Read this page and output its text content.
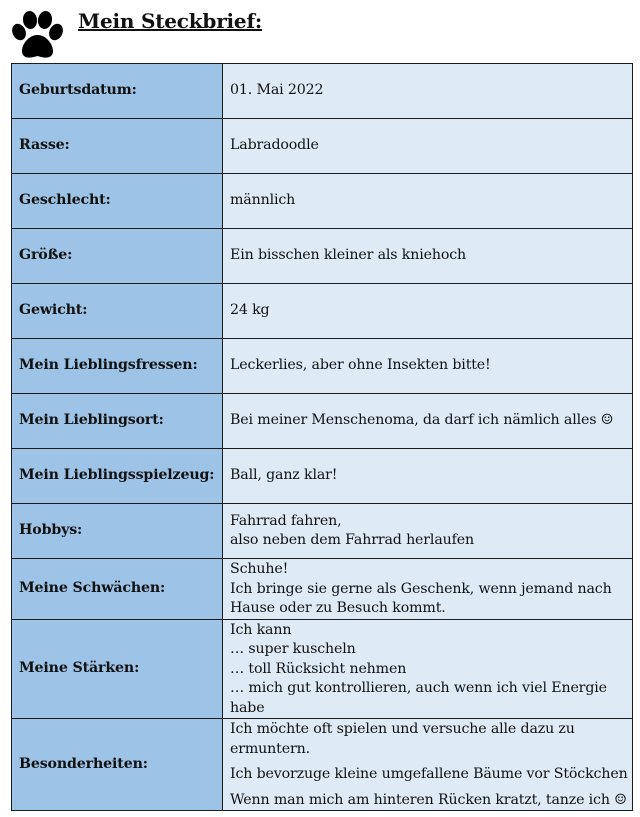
Mein Steckbrief:
Geburtsdatum:	01. Mai 2022

Rasse:	Labradoodle

Geschlecht:	männlich

Größe:	Ein bisschen kleiner als kniehoch

Gewicht:	24 kg

Mein Lieblingsfressen:	Leckerlies, aber ohne Insekten bitte!

Mein Lieblingsort:	Bei meiner Menschenoma, da darf ich nämlich alles ☺

Mein Lieblingsspielzeug:	Ball, ganz klar!

Hobbys:	Fahrrad fahren,
also neben dem Fahrrad herlaufen

Meine Schwächen:	Schuhe!
Ich bringe sie gerne als Geschenk, wenn jemand nach
Hause oder zu Besuch kommt.

Meine Stärken:	Ich kann
… super kuscheln
… toll Rücksicht nehmen
… mich gut kontrollieren, auch wenn ich viel Energie
habe

Besonderheiten:	Ich möchte oft spielen und versuche alle dazu zu
ermuntern.
Ich bevorzuge kleine umgefallene Bäume vor Stöckchen
Wenn man mich am hinteren Rücken kratzt, tanze ich ☺
